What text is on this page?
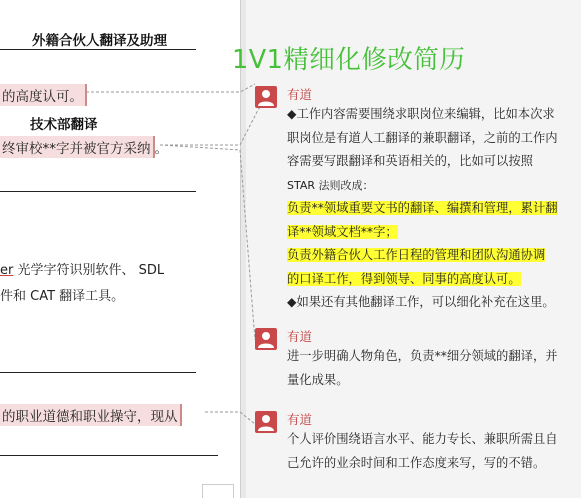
外籍合伙人翻译及助理
的高度认可。
技术部翻译
终审校**字并被官方采纳 。
er 光学字符识别软件、 SDL
件和 CAT 翻译工具。
的职业道德和职业操守，现从
1V1精细化修改简历
有道
◆工作内容需要围绕求职岗位来编辑，比如本次求
职岗位是有道人工翻译的兼职翻译，之前的工作内
容需要写跟翻译和英语相关的，比如可以按照
STAR 法则改成：
负责**领域重要文书的翻译、编撰和管理，累计翻
译**领域文档**字；
负责外籍合伙人工作日程的管理和团队沟通协调
的口译工作，得到领导、同事的高度认可。
◆如果还有其他翻译工作，可以细化补充在这里。
有道
进一步明确人物角色，负责**细分领域的翻译，并
量化成果。
有道
个人评价围绕语言水平、能力专长、兼职所需且自
己允许的业余时间和工作态度来写，写的不错。
